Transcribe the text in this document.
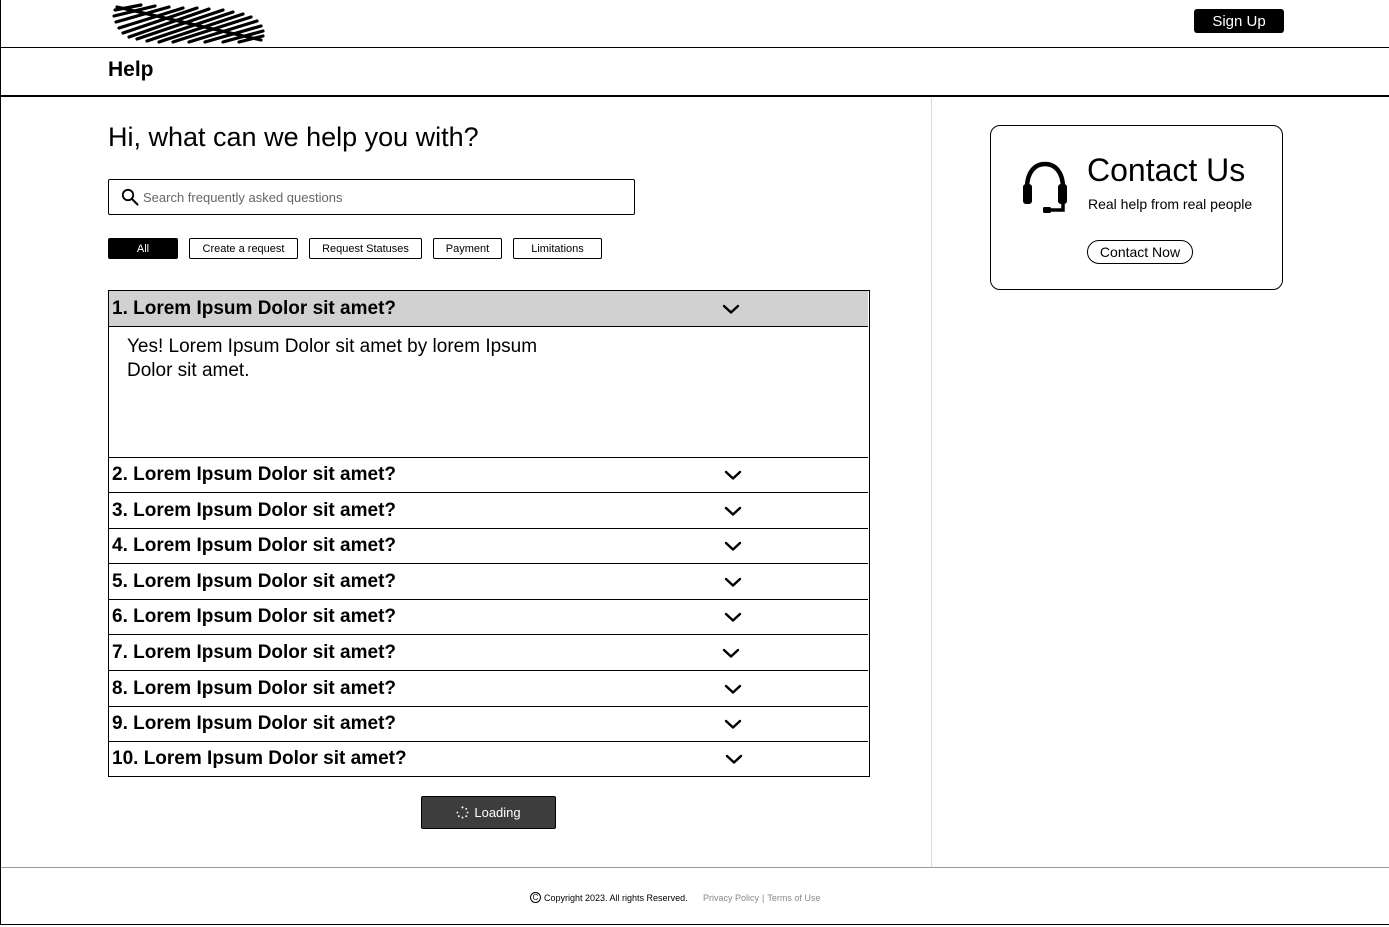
Sign Up
Help
Hi, what can we help you with?
Search frequently asked questions
All	Create a request	Request Statuses	Payment	Limitations
1. Lorem Ipsum Dolor sit amet?

Yes! Lorem Ipsum Dolor sit amet by lorem Ipsum Dolor sit amet.

2. Lorem Ipsum Dolor sit amet?
3. Lorem Ipsum Dolor sit amet?
4. Lorem Ipsum Dolor sit amet?
5. Lorem Ipsum Dolor sit amet?
6. Lorem Ipsum Dolor sit amet?
7. Lorem Ipsum Dolor sit amet?
8. Lorem Ipsum Dolor sit amet?
9. Lorem Ipsum Dolor sit amet?
10. Lorem Ipsum Dolor sit amet?
Loading
Contact Us
Real help from real people
Contact Now
C Copyright 2023. All rights Reserved. Privacy Policy | Terms of Use
